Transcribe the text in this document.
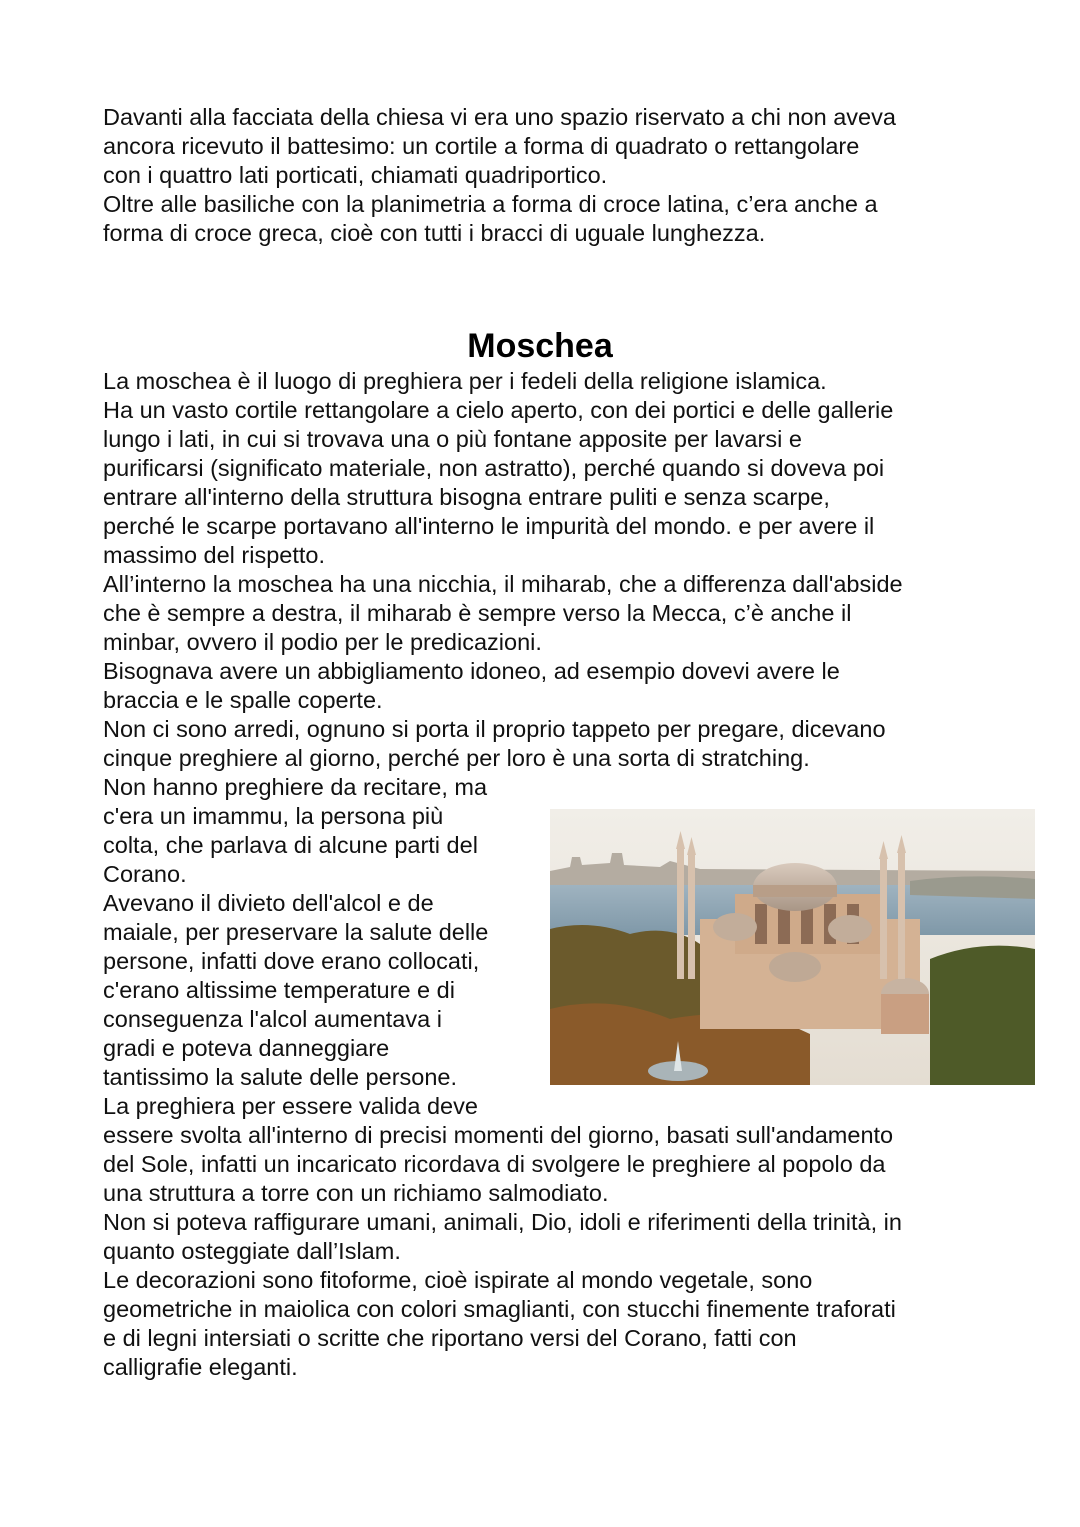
Davanti alla facciata della chiesa vi era uno spazio riservato a chi non aveva
ancora ricevuto il battesimo: un cortile a forma di quadrato o rettangolare
con i quattro lati porticati, chiamati quadriportico.
Oltre alle basiliche con la planimetria a forma di croce latina, c’era anche a
forma di croce greca, cioè con tutti i bracci di uguale lunghezza.
Moschea
La moschea è il luogo di preghiera per i fedeli della religione islamica.
Ha un vasto cortile rettangolare a cielo aperto, con dei portici e delle gallerie
lungo i lati, in cui si trovava una o più fontane apposite per lavarsi e
purificarsi (significato materiale, non astratto), perché quando si doveva poi
entrare all'interno della struttura bisogna entrare puliti e senza scarpe,
perché le scarpe portavano all'interno le impurità del mondo. e per avere il
massimo del rispetto.
All’interno la moschea ha una nicchia, il miharab, che a differenza dall'abside
che è sempre a destra, il miharab è sempre verso la Mecca, c’è anche il
minbar, ovvero il podio per le predicazioni.
Bisognava avere un abbigliamento idoneo, ad esempio dovevi avere le
braccia e le spalle coperte.
Non ci sono arredi, ognuno si porta il proprio tappeto per pregare, dicevano
cinque preghiere al giorno, perché per loro è una sorta di stratching.
Non hanno preghiere da recitare, ma
c'era un imammu, la persona più
colta, che parlava di alcune parti del
Corano.
Avevano il divieto dell'alcol e de
maiale, per preservare la salute delle
persone, infatti dove erano collocati,
c'erano altissime temperature e di
conseguenza l'alcol aumentava i
gradi e poteva danneggiare
tantissimo la salute delle persone.
La preghiera per essere valida deve
essere svolta all'interno di precisi momenti del giorno, basati sull'andamento
del Sole, infatti un incaricato ricordava di svolgere le preghiere al popolo da
una struttura a torre con un richiamo salmodiato.
Non si poteva raffigurare umani, animali, Dio, idoli e riferimenti della trinità, in
quanto osteggiate dall’Islam.
Le decorazioni sono fitoforme, cioè ispirate al mondo vegetale, sono
geometriche in maiolica con colori smaglianti, con stucchi finemente traforati
e di legni intersiati o scritte che riportano versi del Corano, fatti con
calligrafie eleganti.
